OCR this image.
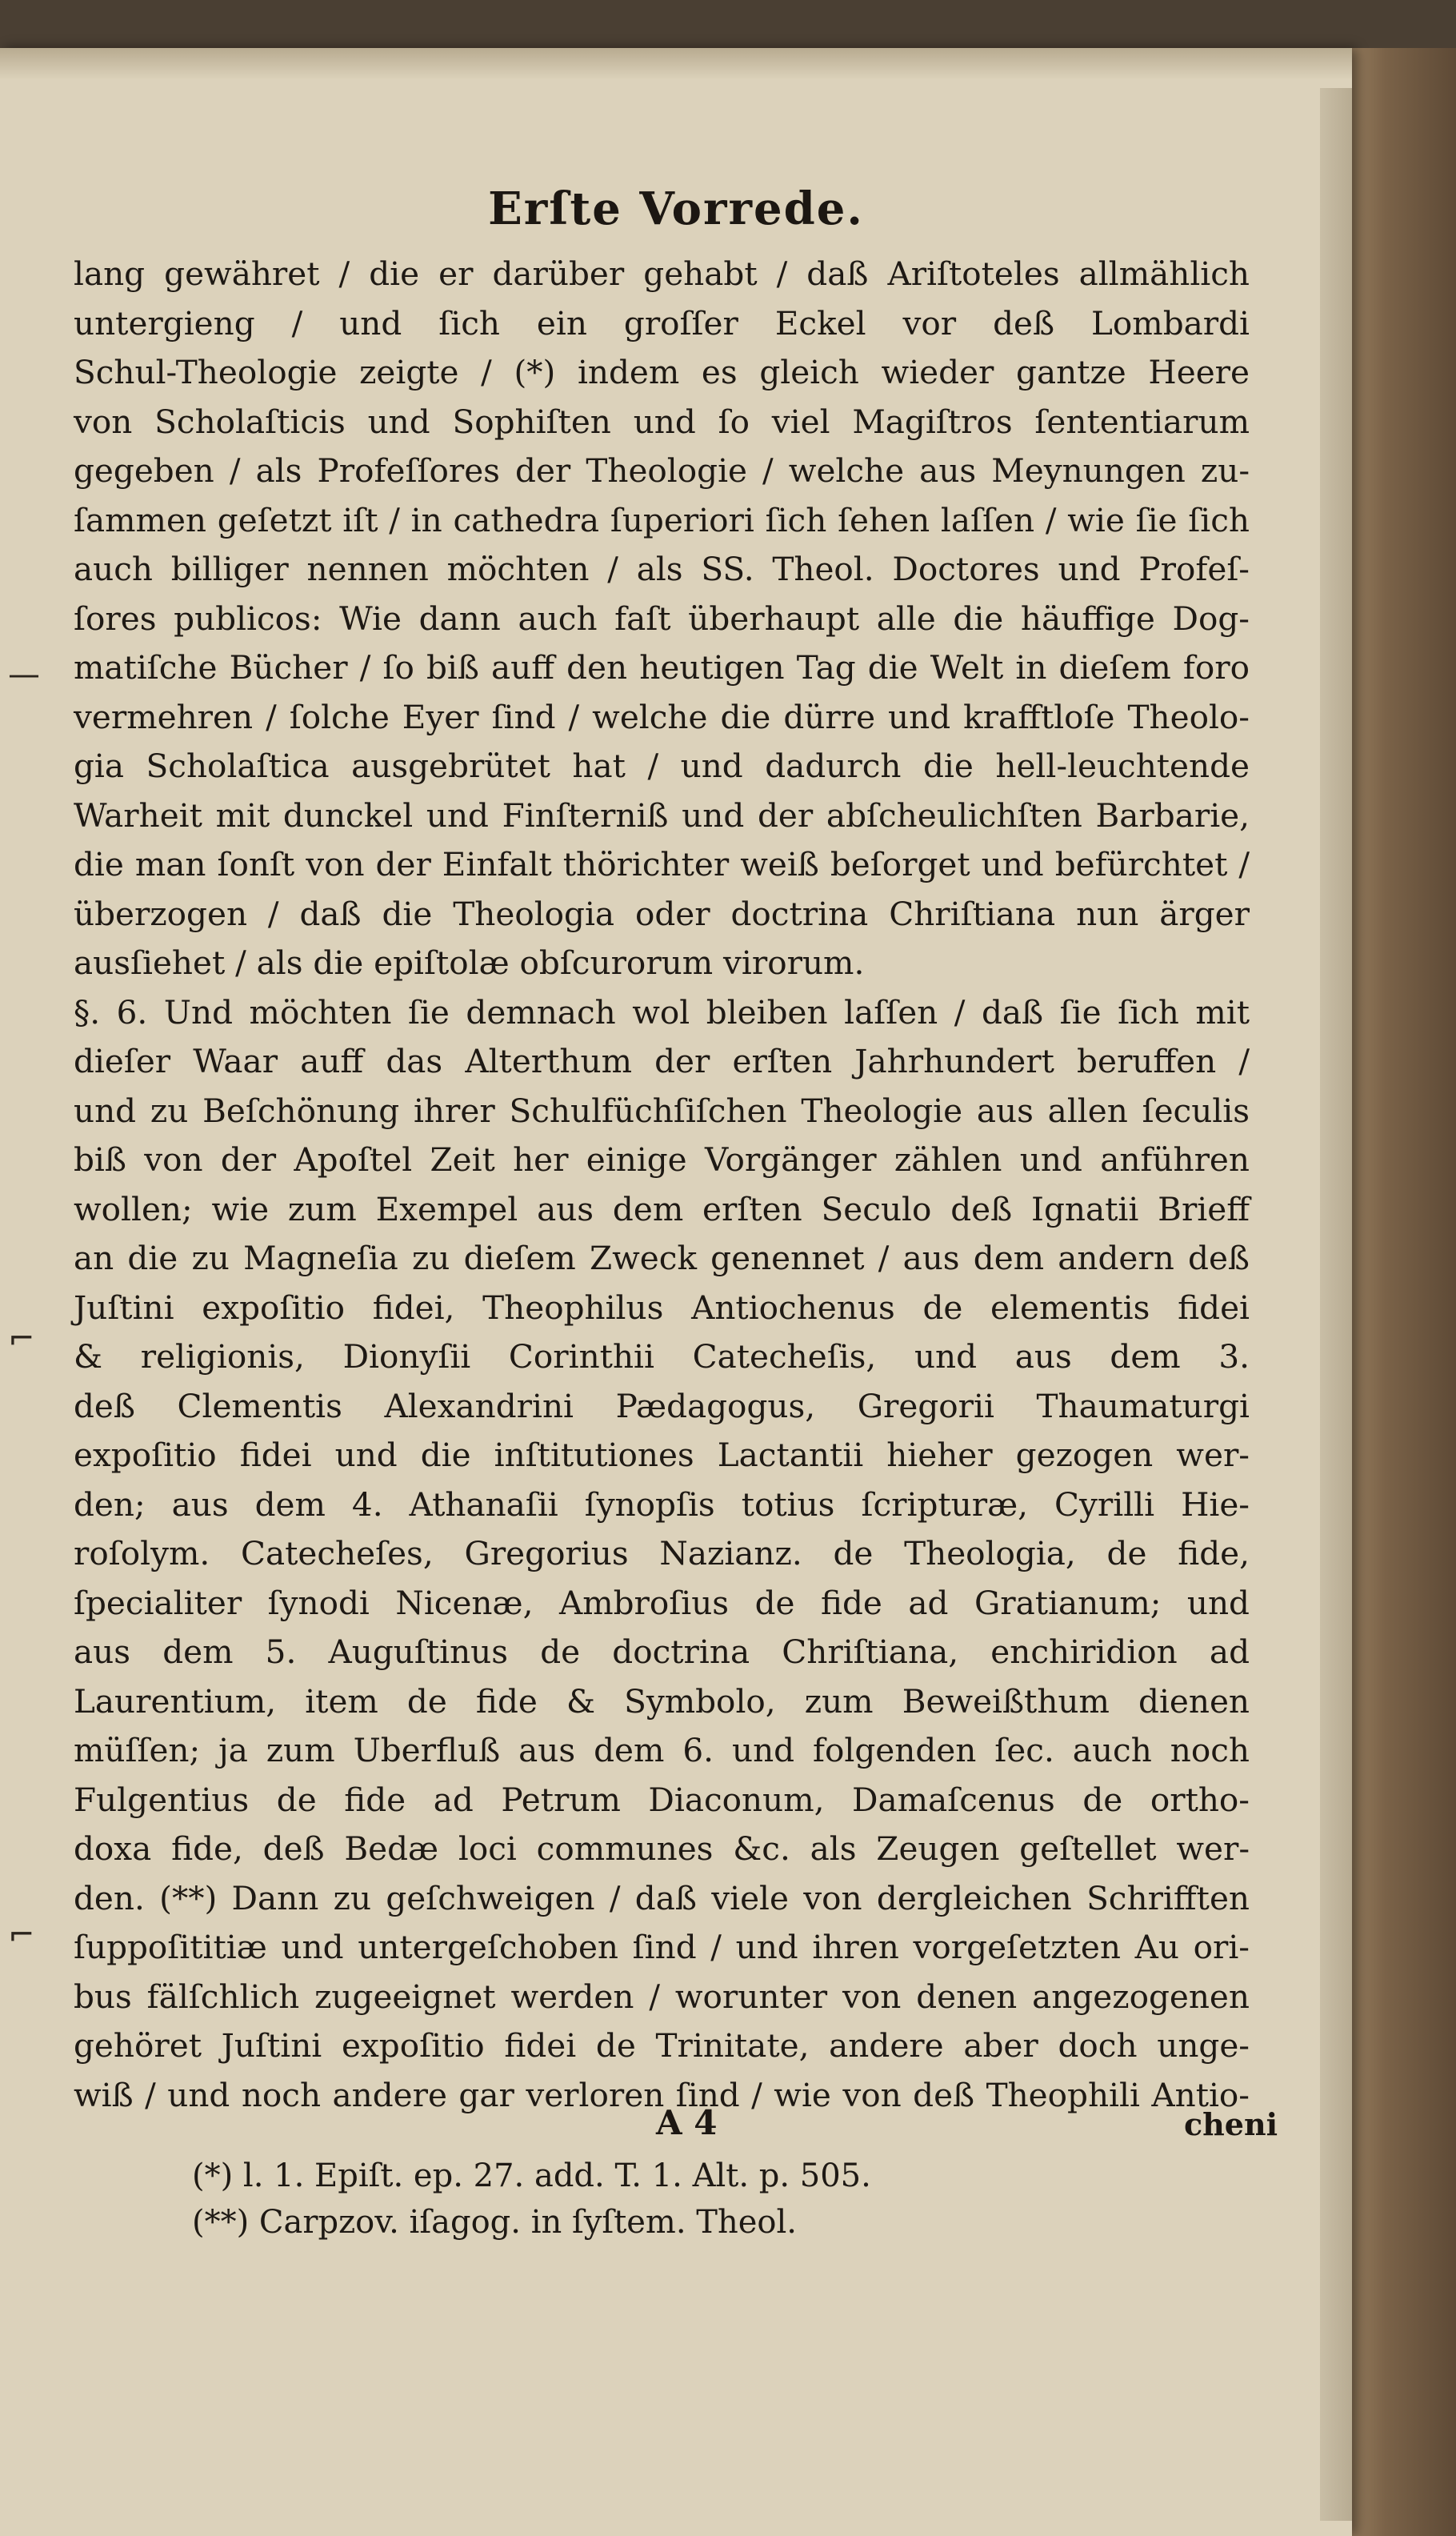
Erſte Vorrede.
lang gewähret / die er darüber gehabt / daß Ariſtoteles allmählich
untergieng / und ſich ein groſſer Eckel vor deß Lombardi
Schul-Theologie zeigte / (*) indem es gleich wieder gantze Heere
von Scholaſticis und Sophiſten und ſo viel Magiſtros ſententiarum
gegeben / als Profeſſores der Theologie / welche aus Meynungen zu-
ſammen geſetzt iſt / in cathedra ſuperiori ſich ſehen laſſen / wie ſie ſich
auch billiger nennen möchten / als SS. Theol. Doctores und Profeſ-
ſores publicos: Wie dann auch faſt überhaupt alle die häuffige Dog-
matiſche Bücher / ſo biß auff den heutigen Tag die Welt in dieſem foro
vermehren / ſolche Eyer ſind / welche die dürre und krafftloſe Theolo-
gia Scholaſtica ausgebrütet hat / und dadurch die hell-leuchtende
Warheit mit dunckel und Finſterniß und der abſcheulichſten Barbarie,
die man ſonſt von der Einfalt thörichter weiß beſorget und befürchtet /
überzogen / daß die Theologia oder doctrina Chriſtiana nun ärger
ausſiehet / als die epiſtolæ obſcurorum virorum.
§. 6. Und möchten ſie demnach wol bleiben laſſen / daß ſie ſich mit
dieſer Waar auff das Alterthum der erſten Jahrhundert beruffen /
und zu Beſchönung ihrer Schulfüchſiſchen Theologie aus allen ſeculis
biß von der Apoſtel Zeit her einige Vorgänger zählen und anführen
wollen; wie zum Exempel aus dem erſten Seculo deß Ignatii Brieff
an die zu Magneſia zu dieſem Zweck genennet / aus dem andern deß
Juſtini expoſitio fidei, Theophilus Antiochenus de elementis fidei
& religionis, Dionyſii Corinthii Catecheſis, und aus dem 3.
deß Clementis Alexandrini Pædagogus, Gregorii Thaumaturgi
expoſitio fidei und die inſtitutiones Lactantii hieher gezogen wer-
den; aus dem 4. Athanaſii ſynopſis totius ſcripturæ, Cyrilli Hie-
roſolym. Catecheſes, Gregorius Nazianz. de Theologia, de fide,
ſpecialiter ſynodi Nicenæ, Ambroſius de fide ad Gratianum; und
aus dem 5. Auguſtinus de doctrina Chriſtiana, enchiridion ad
Laurentium, item de fide & Symbolo, zum Beweißthum dienen
müſſen; ja zum Uberfluß aus dem 6. und folgenden ſec. auch noch
Fulgentius de fide ad Petrum Diaconum, Damaſcenus de ortho-
doxa fide, deß Bedæ loci communes &c. als Zeugen geſtellet wer-
den. (**) Dann zu geſchweigen / daß viele von dergleichen Schrifften
ſuppoſititiæ und untergeſchoben ſind / und ihren vorgeſetzten Au ori-
bus fälſchlich zugeeignet werden / worunter von denen angezogenen
gehöret Juſtini expoſitio fidei de Trinitate, andere aber doch unge-
wiß / und noch andere gar verloren ſind / wie von deß Theophili Antio-
—
⌐
⌐
A 4	cheni
(*) l. 1. Epiſt. ep. 27. add. T. 1. Alt. p. 505.
(**) Carpzov. iſagog. in ſyſtem. Theol.
